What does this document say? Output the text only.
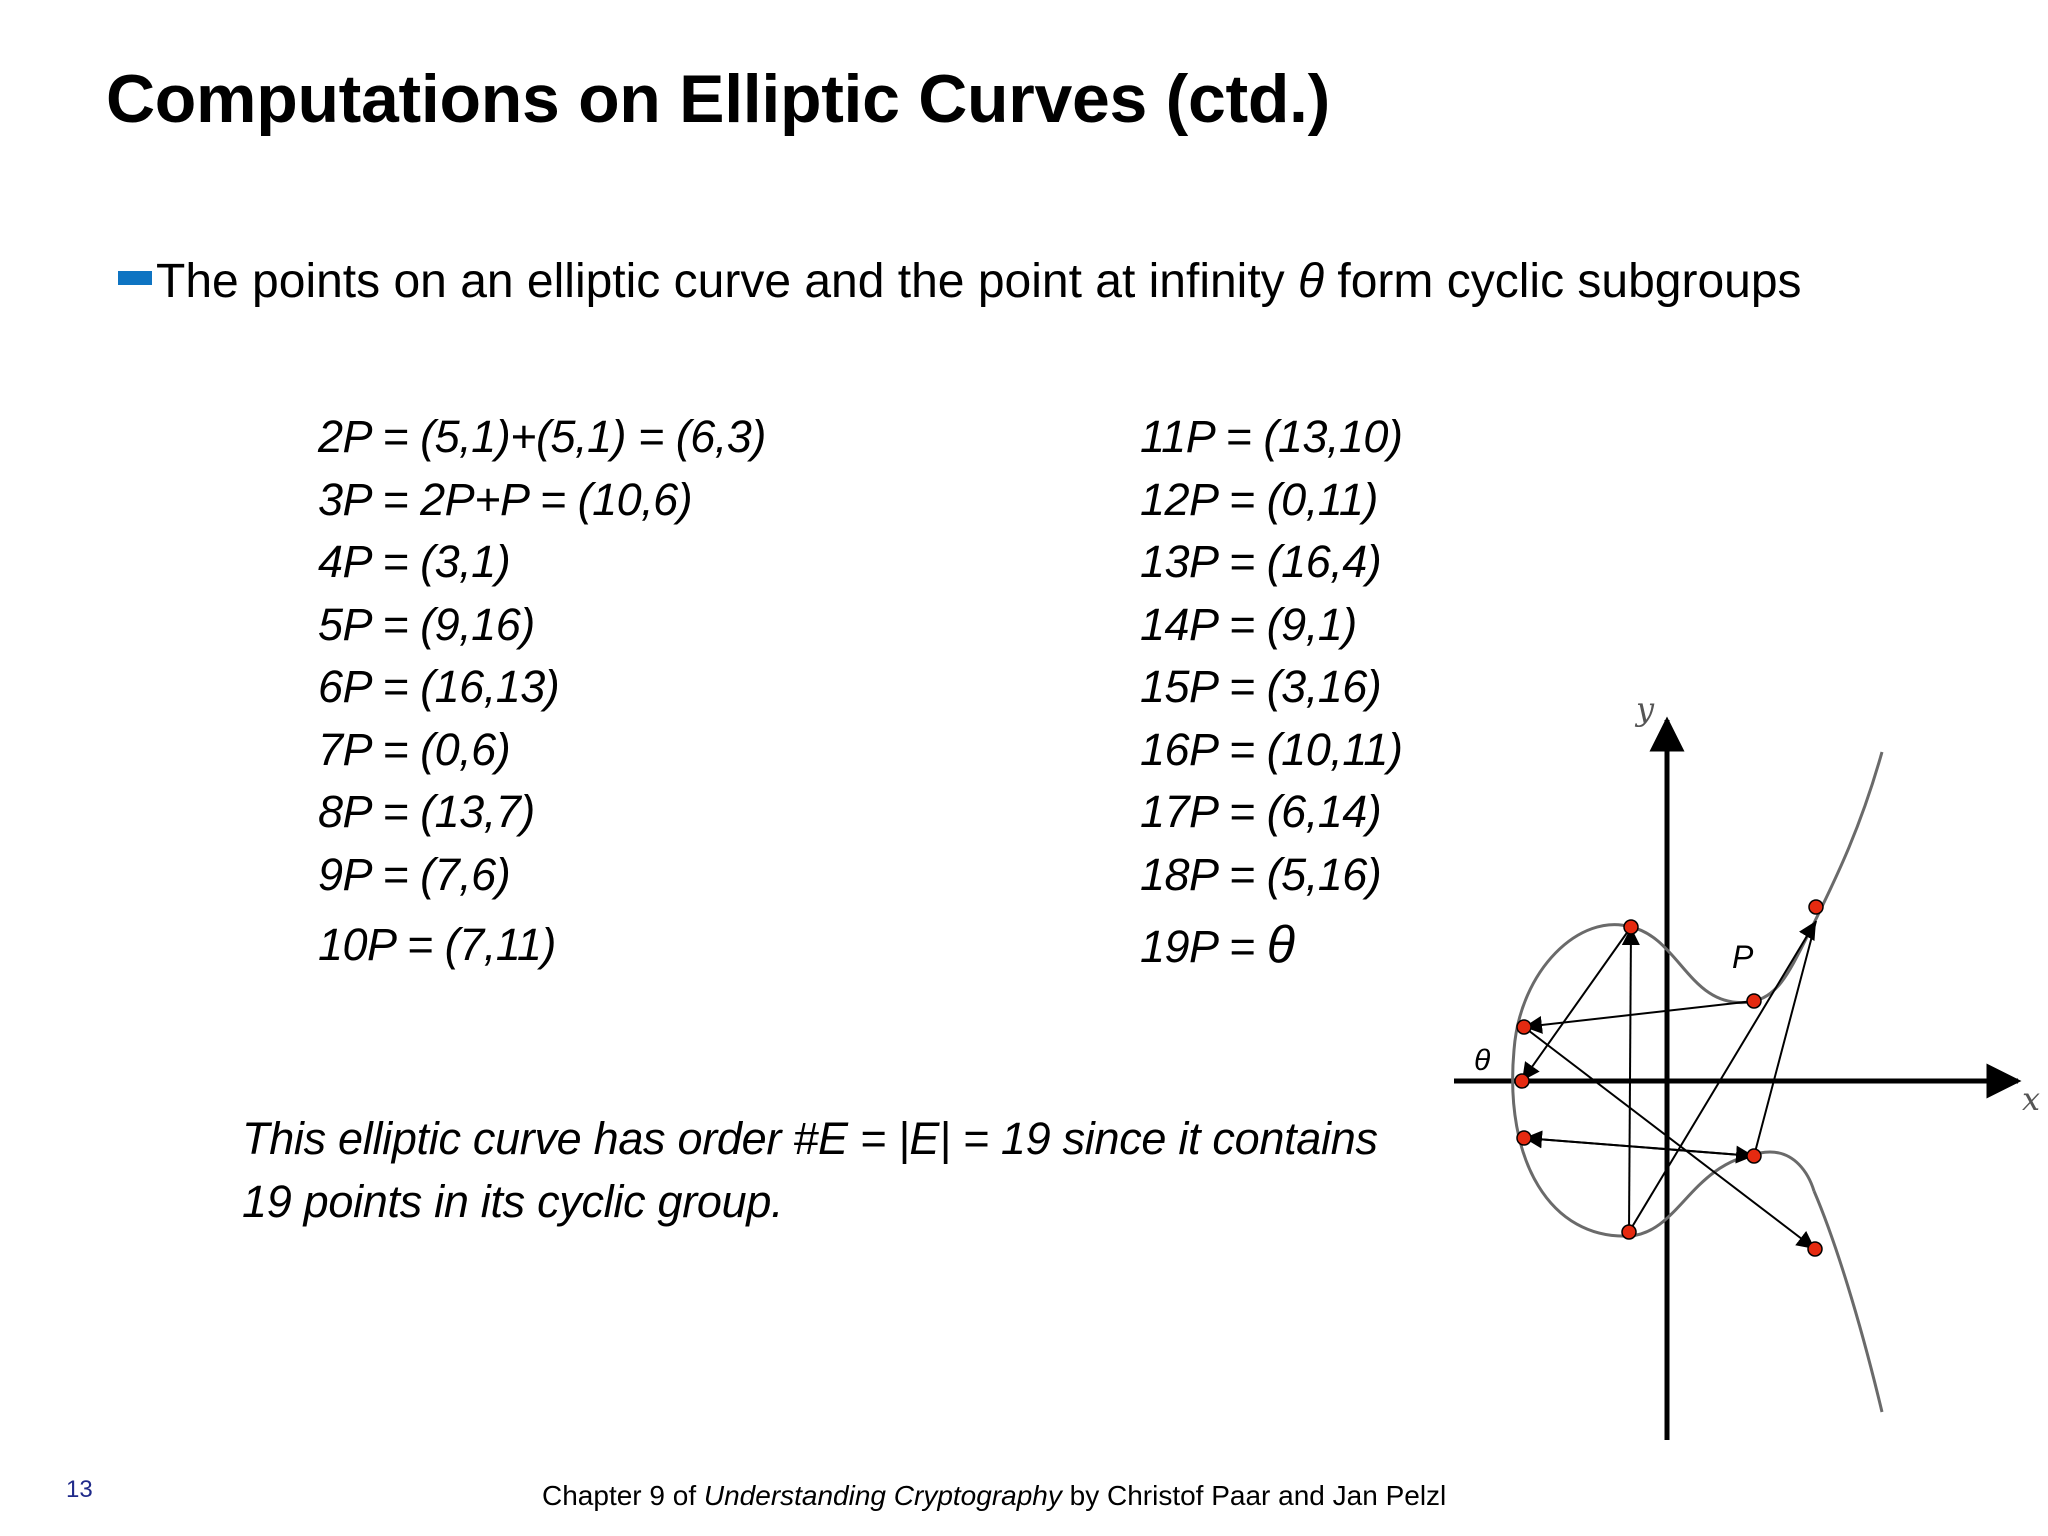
Computations on Elliptic Curves (ctd.)
The points on an elliptic curve and the point at infinity θ form cyclic subgroups
2P = (5,1)+(5,1) = (6,3)
3P = 2P+P = (10,6)
4P = (3,1)
5P = (9,16)
6P = (16,13)
7P = (0,6)
8P = (13,7)
9P = (7,6)
10P = (7,11)
11P = (13,10)
12P = (0,11)
13P = (16,4)
14P = (9,1)
15P = (3,16)
16P = (10,11)
17P = (6,14)
18P = (5,16)
19P = θ

This elliptic curve has order #E = |E| = 19 since it contains
19 points in its cyclic group.

y
x
P
θ
13	Chapter 9 of Understanding Cryptography by Christof Paar and Jan Pelzl
